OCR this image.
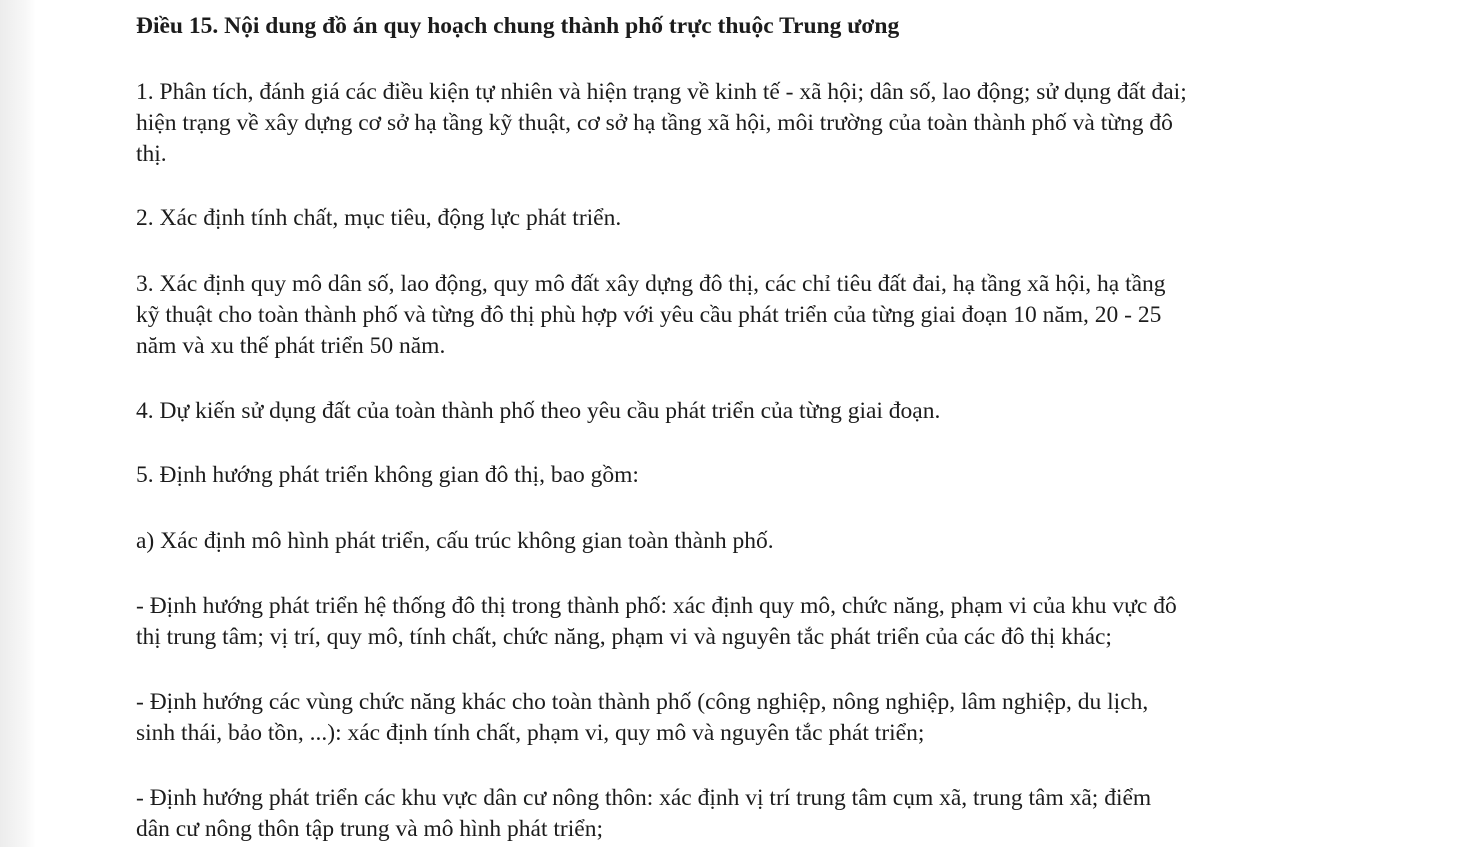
Điều 15. Nội dung đồ án quy hoạch chung thành phố trực thuộc Trung ương

1. Phân tích, đánh giá các điều kiện tự nhiên và hiện trạng về kinh tế - xã hội; dân số, lao động; sử dụng đất đai;
hiện trạng về xây dựng cơ sở hạ tầng kỹ thuật, cơ sở hạ tầng xã hội, môi trường của toàn thành phố và từng đô
thị.

2. Xác định tính chất, mục tiêu, động lực phát triển.

3. Xác định quy mô dân số, lao động, quy mô đất xây dựng đô thị, các chỉ tiêu đất đai, hạ tầng xã hội, hạ tầng
kỹ thuật cho toàn thành phố và từng đô thị phù hợp với yêu cầu phát triển của từng giai đoạn 10 năm, 20 - 25
năm và xu thế phát triển 50 năm.

4. Dự kiến sử dụng đất của toàn thành phố theo yêu cầu phát triển của từng giai đoạn.

5. Định hướng phát triển không gian đô thị, bao gồm:

a) Xác định mô hình phát triển, cấu trúc không gian toàn thành phố.

- Định hướng phát triển hệ thống đô thị trong thành phố: xác định quy mô, chức năng, phạm vi của khu vực đô
thị trung tâm; vị trí, quy mô, tính chất, chức năng, phạm vi và nguyên tắc phát triển của các đô thị khác;

- Định hướng các vùng chức năng khác cho toàn thành phố (công nghiệp, nông nghiệp, lâm nghiệp, du lịch,
sinh thái, bảo tồn, ...): xác định tính chất, phạm vi, quy mô và nguyên tắc phát triển;

- Định hướng phát triển các khu vực dân cư nông thôn: xác định vị trí trung tâm cụm xã, trung tâm xã; điểm
dân cư nông thôn tập trung và mô hình phát triển;
